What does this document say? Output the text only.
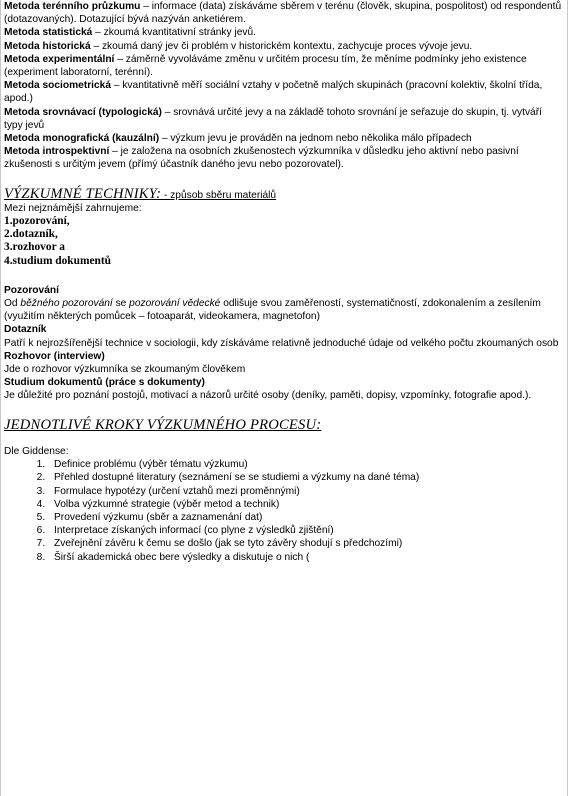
Metoda terénního průzkumu – informace (data) získáváme sběrem v terénu (člověk, skupina, pospolitost) od respondentů (dotazovaných). Dotazující bývá nazýván anketiérem.

Metoda statistická – zkoumá kvantitativní stránky jevů.

Metoda historická – zkoumá daný jev či problém v historickém kontextu, zachycuje proces vývoje jevu.

Metoda experimentální – záměrně vyvoláváme změnu v určitém procesu tím, že měníme podmínky jeho existence (experiment laboratorní, terénní).

Metoda sociometrická – kvantitativně měří sociální vztahy v početně malých skupinách (pracovní kolektiv, školní třída, apod.)

Metoda srovnávací (typologická) – srovnává určité jevy a na základě tohoto srovnání je seřazuje do skupin, tj. vytváří typy jevů

Metoda monografická (kauzální) – výzkum jevu je prováděn na jednom nebo několika málo případech

Metoda introspektivní – je založena na osobních zkušenostech výzkumníka v důsledku jeho aktivní nebo pasivní zkušenosti s určitým jevem (přímý účastník daného jevu nebo pozorovatel).

VÝZKUMNÉ TECHNIKY: - způsob sběru materiálů

Mezi nejznámější zahrnujeme:

1.pozorování,

2.dotazník,

3.rozhovor a

4.studium dokumentů

Pozorování

Od běžného pozorování se pozorování vědecké odlišuje svou zaměřeností, systematičností, zdokonalením a zesílením (využitím některých pomůcek – fotoaparát, videokamera, magnetofon)

Dotazník

Patří k nejrozšířenější technice v sociologii, kdy získáváme relativně jednoduché údaje od velkého počtu zkoumaných osob

Rozhovor (interview)

Jde o rozhovor výzkumníka se zkoumaným člověkem

Studium dokumentů (práce s dokumenty)

Je důležité pro poznání postojů, motivací a názorů určité osoby (deníky, paměti, dopisy, vzpomínky, fotografie apod.).

JEDNOTLIVÉ KROKY VÝZKUMNÉHO PROCESU:

Dle Giddense:

1. Definice problému (výběr tématu výzkumu)
2. Přehled dostupné literatury (seznámení se se studiemi a výzkumy na dané téma)
3. Formulace hypotézy (určení vztahů mezi proměnnými)
4. Volba výzkumné strategie (výběr metod a technik)
5. Provedení výzkumu (sběr a zaznamenání dat)
6. Interpretace získaných informací (co plyne z výsledků zjištění)
7. Zveřejnění závěru k čemu se došlo (jak se tyto závěry shodují s předchozími)
8. Širší akademická obec bere výsledky a diskutuje o nich (
